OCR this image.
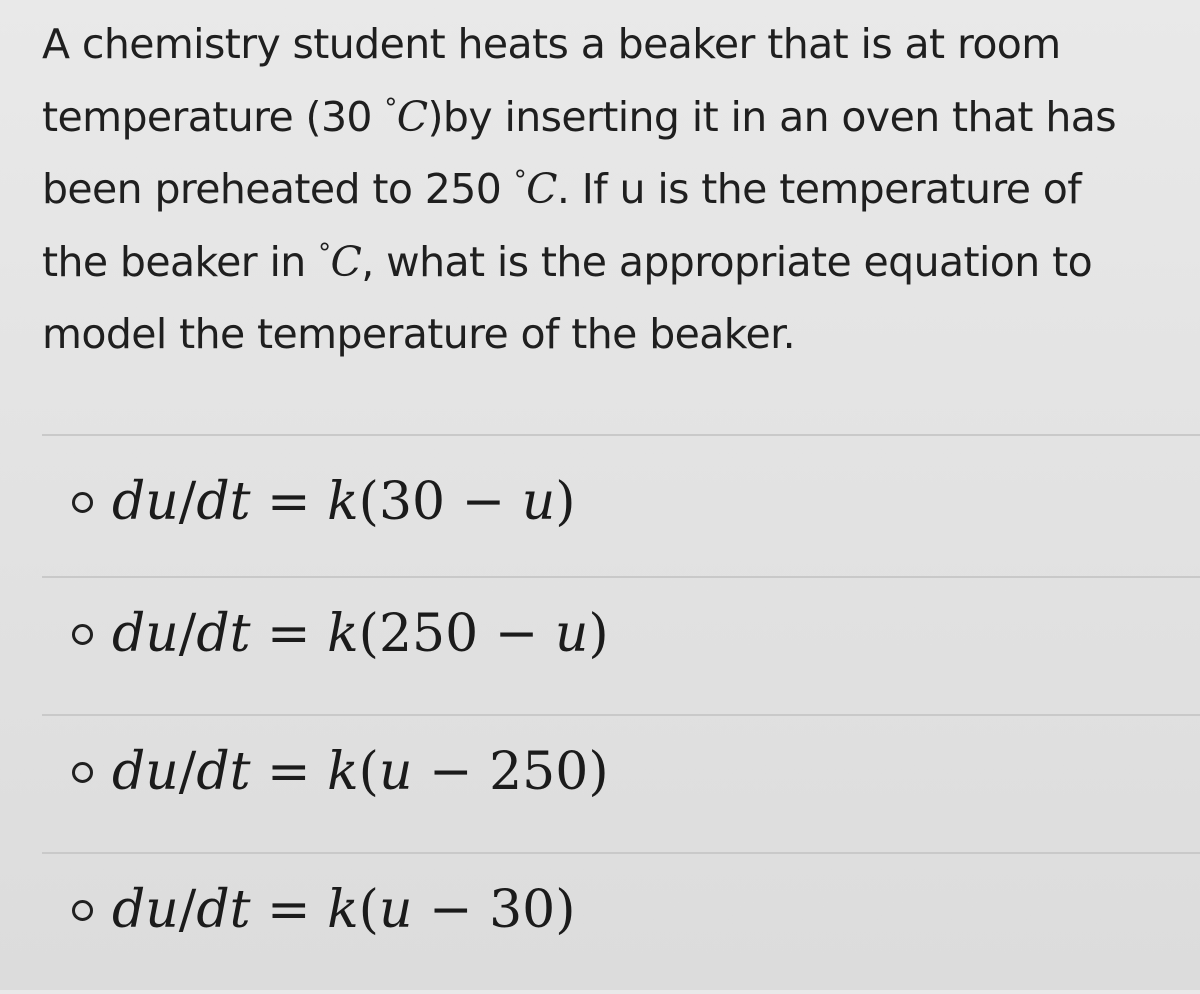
A chemistry student heats a beaker that is at room
temperature (30 °C)by inserting it in an oven that has
been preheated to 250 °C. If u is the temperature of
the beaker in °C, what is the appropriate equation to
model the temperature of the beaker.
du/dt = k(30 − u)
du/dt = k(250 − u)
du/dt = k(u − 250)
du/dt = k(u − 30)
